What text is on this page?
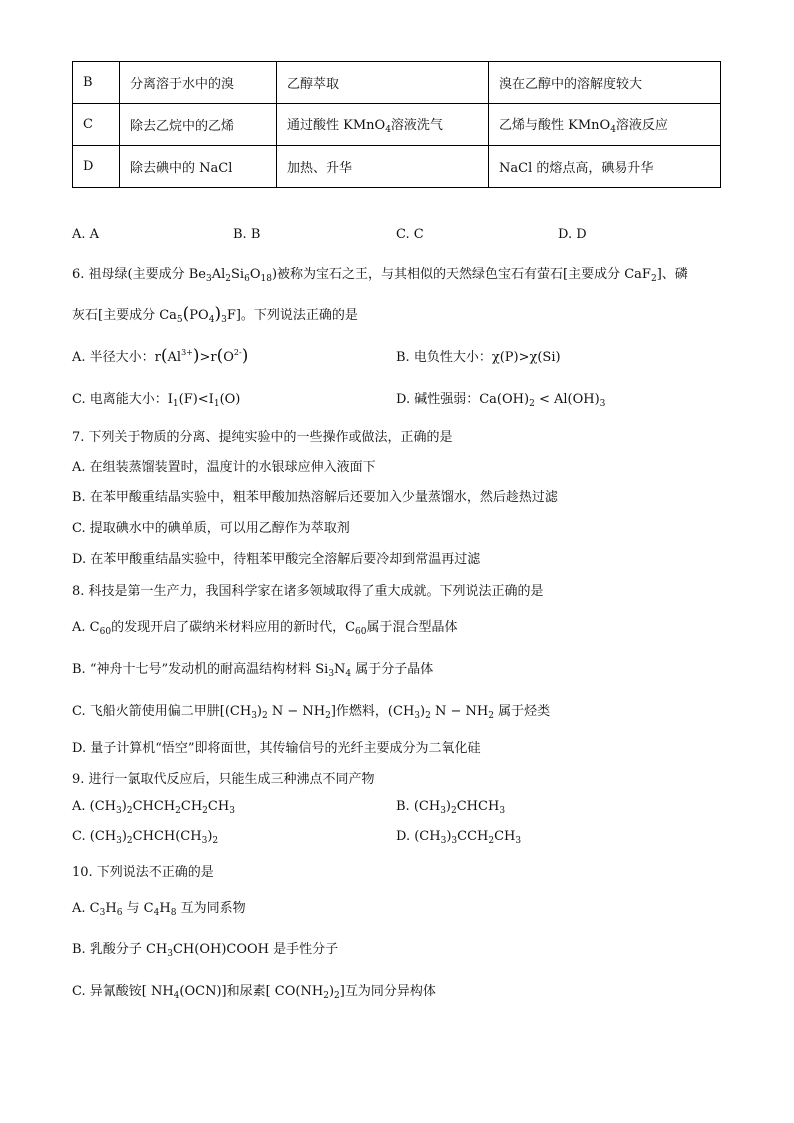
B	分离溶于水中的溴	乙醇萃取	溴在乙醇中的溶解度较大
C	除去乙烷中的乙烯	通过酸性 KMnO$_4$溶液洗气	乙烯与酸性 KMnO$_4$溶液反应
D	除去碘中的 NaCl	加热、升华	NaCl 的熔点高，碘易升华
A. A	B. B	C. C	D. D
6. 祖母绿(主要成分 $Be_3Al_2Si_6O_{18}$)被称为宝石之王，与其相似的天然绿色宝石有萤石[主要成分 CaF$_2$]、磷
灰石[主要成分 $Ca_5(PO_4)_3F$]。下列说法正确的是
A. 半径大小：$r(Al^{3+})>r(O^{2-})$	B. 电负性大小：χ(P)>χ(Si)
C. 电离能大小：$I_1(F)<I_1(O)$	D. 碱性强弱：$Ca(OH)_2 < Al(OH)_3$
7. 下列关于物质的分离、提纯实验中的一些操作或做法，正确的是
A. 在组装蒸馏装置时，温度计的水银球应伸入液面下
B. 在苯甲酸重结晶实验中，粗苯甲酸加热溶解后还要加入少量蒸馏水，然后趁热过滤
C. 提取碘水中的碘单质，可以用乙醇作为萃取剂
D. 在苯甲酸重结晶实验中，待粗苯甲酸完全溶解后要冷却到常温再过滤
8. 科技是第一生产力，我国科学家在诸多领域取得了重大成就。下列说法正确的是
A. $C_{60}$的发现开启了碳纳米材料应用的新时代，$C_{60}$属于混合型晶体
B. “神舟十七号”发动机的耐高温结构材料 $Si_3N_4$ 属于分子晶体
C. 飞船火箭使用偏二甲肼[$(CH_3)_2$ $N - NH_2$]作燃料，$(CH_3)_2$ $N - NH_2$ 属于烃类
D. 量子计算机“悟空”即将面世，其传输信号的光纤主要成分为二氧化硅
9. 进行一氯取代反应后，只能生成三种沸点不同产物
A. $(CH_3)_2CHCH_2CH_2CH_3$	B. $(CH_3)_2CHCH_3$
C. $(CH_3)_2CHCH(CH_3)_2$	D. $(CH_3)_3CCH_2CH_3$
10. 下列说法不正确的是
A. $C_3H_6$ 与 $C_4H_8$ 互为同系物
B. 乳酸分子 $CH_3CH(OH)COOH$ 是手性分子
C. 异氰酸铵[ $NH_4(OCN)$]和尿素[ $CO(NH_2)_2$]互为同分异构体
